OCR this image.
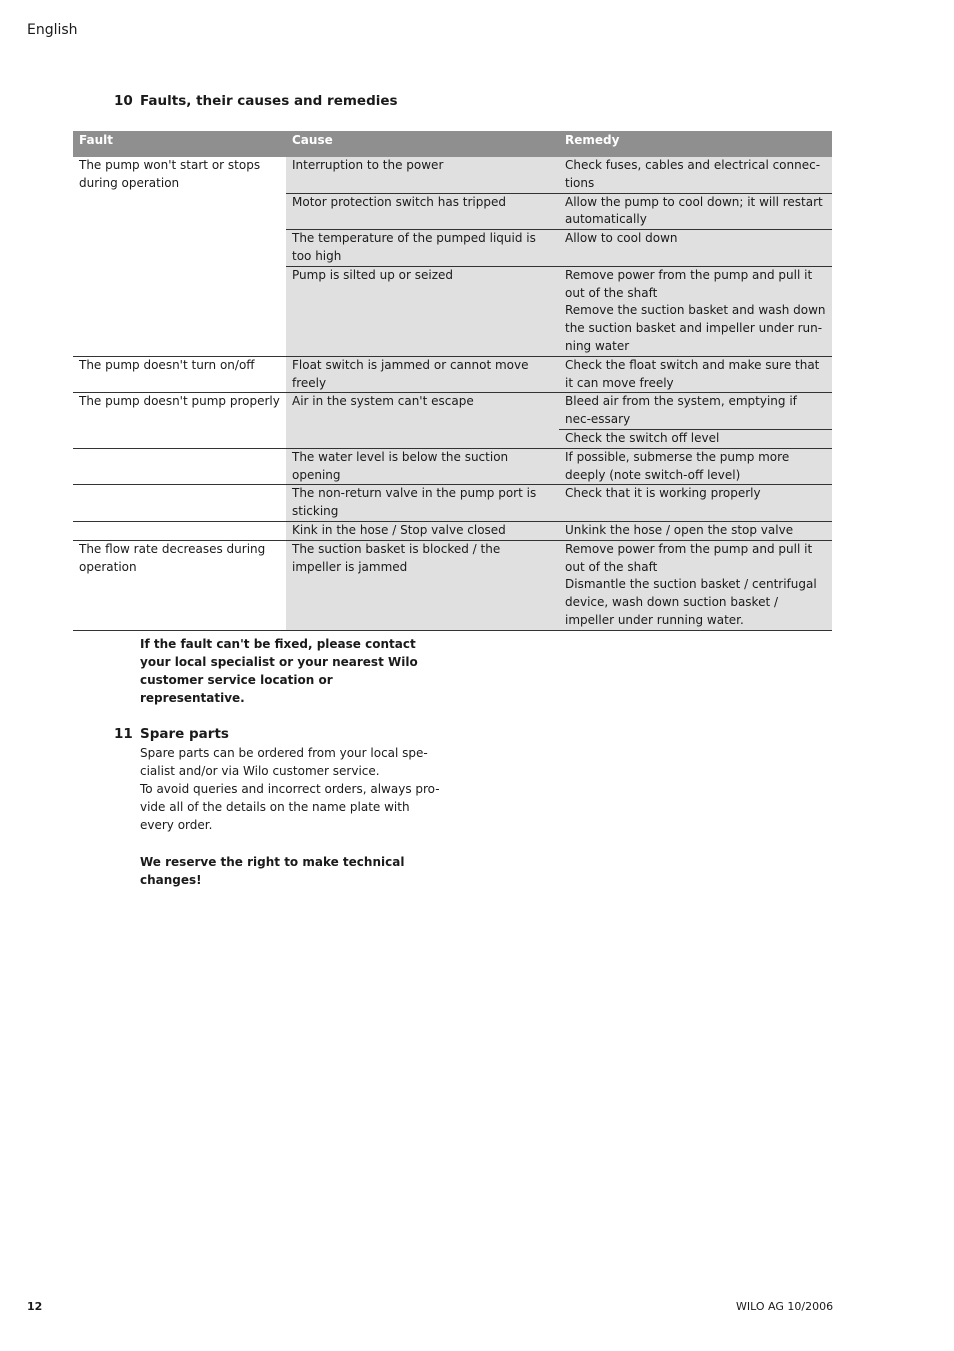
English
10 Faults, their causes and remedies
Fault	Cause	Remedy
The pump won't start or stops during operation	Interruption to the power	Check fuses, cables and electrical connec-tions

	Motor protection switch has tripped	Allow the pump to cool down; it will restart automatically

	The temperature of the pumped liquid is too high	Allow to cool down

	Pump is silted up or seized	Remove power from the pump and pull it out of the shaft
Remove the suction basket and wash down the suction basket and impeller under run-ning water

The pump doesn't turn on/off	Float switch is jammed or cannot move freely	Check the float switch and make sure that it can move freely

The pump doesn't pump properly	Air in the system can't escape	Bleed air from the system, emptying if nec-essary

		Check the switch off level

	The water level is below the suction opening	If possible, submerse the pump more deeply (note switch-off level)

	The non-return valve in the pump port is sticking	Check that it is working properly

	Kink in the hose / Stop valve closed	Unkink the hose / open the stop valve

The flow rate decreases during operation	The suction basket is blocked / the impeller is jammed	Remove power from the pump and pull it out of the shaft
Dismantle the suction basket / centrifugal device, wash down suction basket / impeller under running water.
If the fault can't be fixed, please contact your local specialist or your nearest Wilo customer service location or representative.
11 Spare parts
Spare parts can be ordered from your local spe-cialist and/or via Wilo customer service.
To avoid queries and incorrect orders, always pro-vide all of the details on the name plate with every order.
We reserve the right to make technical changes!
12	WILO AG 10/2006
